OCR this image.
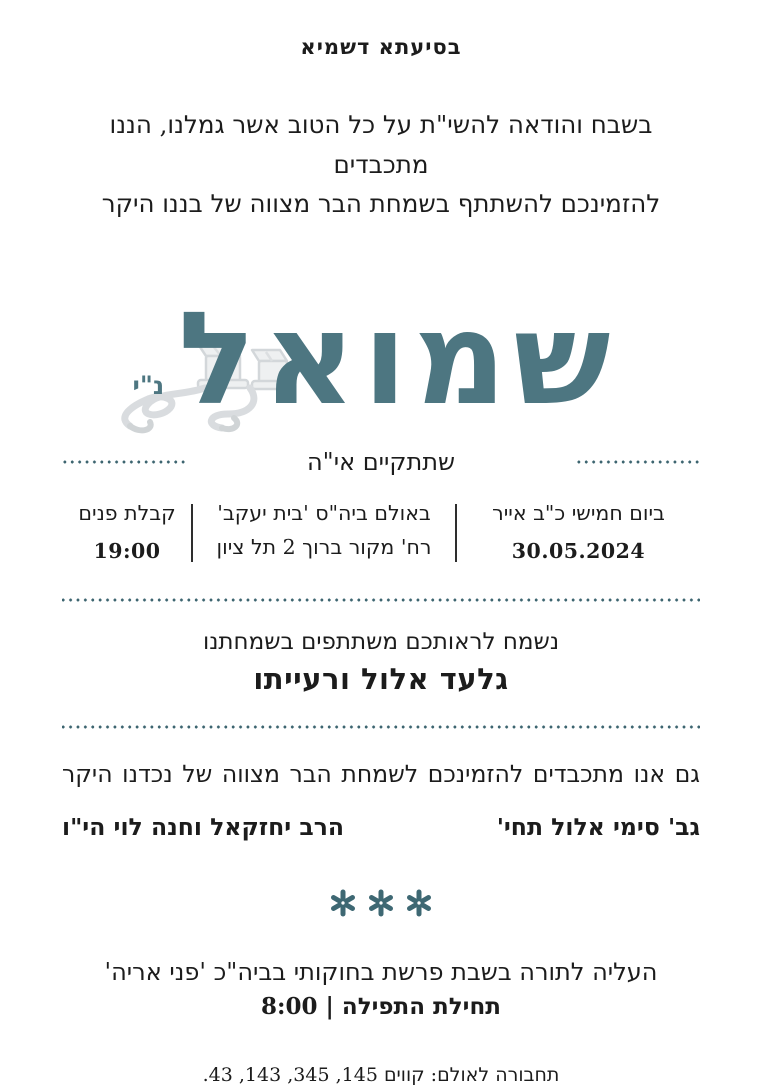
בסיעתא דשמיא
בשבח והודאה להשי"ת על כל הטוב אשר גמלנו, הננו מתכבדים
להזמינכם להשתתף בשמחת הבר מצווה של בננו היקר
שמואל
נ"י
שתתקיים אי"ה
ביום חמישי כ"ב אייר
30.05.2024
באולם ביה"ס 'בית יעקב'
רח' מקור ברוך 2 תל ציון
קבלת פנים
19:00
נשמח לראותכם משתתפים בשמחתנו
גלעד אלול ורעייתו
גם אנו מתכבדים להזמינכם לשמחת הבר מצווה של נכדנו היקר
גב' סימי אלול תחי'
הרב יחזקאל וחנה לוי הי"ו
העליה לתורה בשבת פרשת בחוקותי בביה"כ 'פני אריה'
תחילת התפילה | 8:00
תחבורה לאולם: קווים 145, 345, 143, 43.
